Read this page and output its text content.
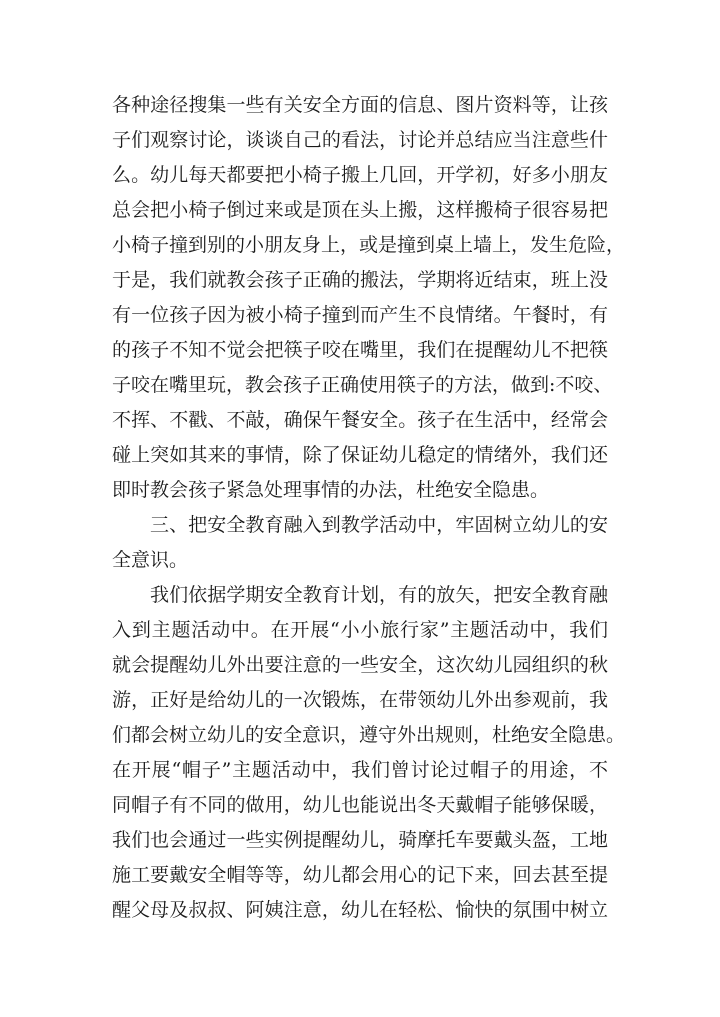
各种途径搜集一些有关安全方面的信息、图片资料等，让孩
子们观察讨论，谈谈自己的看法，讨论并总结应当注意些什
么。幼儿每天都要把小椅子搬上几回，开学初，好多小朋友
总会把小椅子倒过来或是顶在头上搬，这样搬椅子很容易把
小椅子撞到别的小朋友身上，或是撞到桌上墙上，发生危险，
于是，我们就教会孩子正确的搬法，学期将近结束，班上没
有一位孩子因为被小椅子撞到而产生不良情绪。午餐时，有
的孩子不知不觉会把筷子咬在嘴里，我们在提醒幼儿不把筷
子咬在嘴里玩，教会孩子正确使用筷子的方法，做到:不咬、
不挥、不戳、不敲，确保午餐安全。孩子在生活中，经常会
碰上突如其来的事情，除了保证幼儿稳定的情绪外，我们还
即时教会孩子紧急处理事情的办法，杜绝安全隐患。
三、把安全教育融入到教学活动中，牢固树立幼儿的安
全意识。
我们依据学期安全教育计划，有的放矢，把安全教育融
入到主题活动中。在开展“小小旅行家”主题活动中，我们
就会提醒幼儿外出要注意的一些安全，这次幼儿园组织的秋
游，正好是给幼儿的一次锻炼，在带领幼儿外出参观前，我
们都会树立幼儿的安全意识，遵守外出规则，杜绝安全隐患。
在开展“帽子”主题活动中，我们曾讨论过帽子的用途，不
同帽子有不同的做用，幼儿也能说出冬天戴帽子能够保暖，
我们也会通过一些实例提醒幼儿，骑摩托车要戴头盔，工地
施工要戴安全帽等等，幼儿都会用心的记下来，回去甚至提
醒父母及叔叔、阿姨注意，幼儿在轻松、愉快的氛围中树立
